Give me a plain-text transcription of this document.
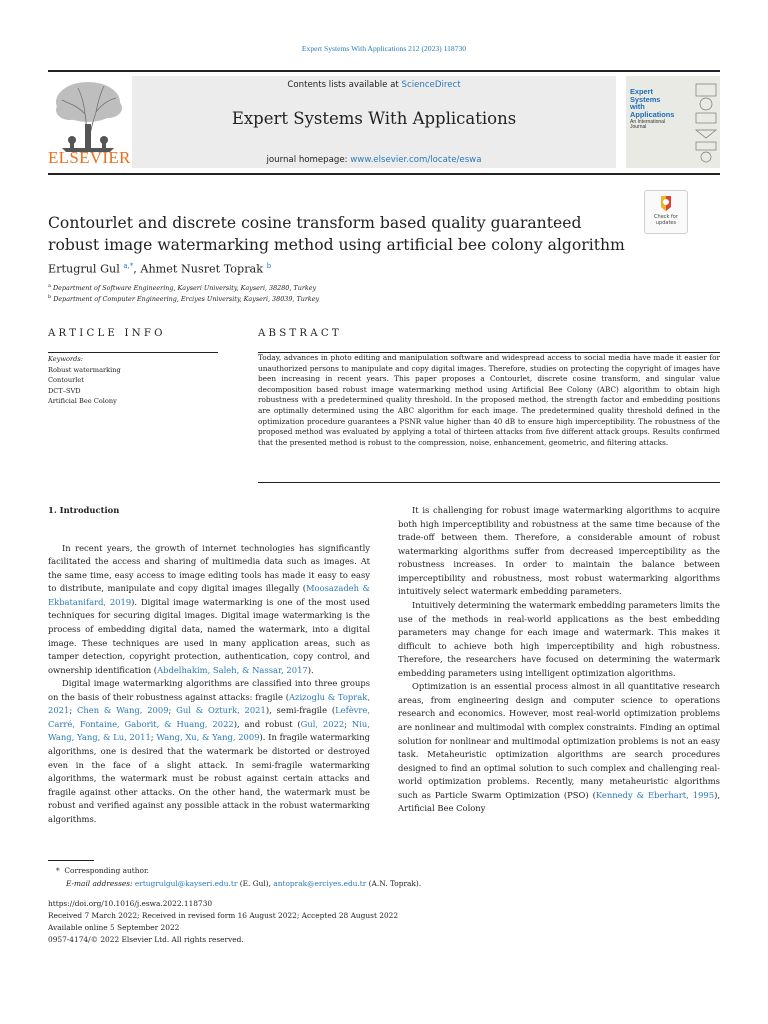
Expert Systems With Applications 212 (2023) 118730
ELSEVIER
Contents lists available at ScienceDirect
Expert Systems With Applications
journal homepage: www.elsevier.com/locate/eswa
Expert
Systems
with
Applications
An International
Journal
Contourlet and discrete cosine transform based quality guaranteed robust image watermarking method using artificial bee colony algorithm
Check for
updates
Ertugrul Gul $^{a,*}$, Ahmet Nusret Toprak $^b$
$^a$ Department of Software Engineering, Kayseri University, Kayseri, 38280, Turkey
$^b$ Department of Computer Engineering, Erciyes University, Kayseri, 38039, Turkey
ARTICLE INFO	ABSTRACT
Keywords:
Robust watermarking
Contourlet
DCT–SVD
Artificial Bee Colony
Today, advances in photo editing and manipulation software and widespread access to social media have made it easier for unauthorized persons to manipulate and copy digital images. Therefore, studies on protecting the copyright of images have been increasing in recent years. This paper proposes a Contourlet, discrete cosine transform, and singular value decomposition based robust image watermarking method using Artificial Bee Colony (ABC) algorithm to obtain high robustness with a predetermined quality threshold. In the proposed method, the strength factor and embedding positions are optimally determined using the ABC algorithm for each image. The predetermined quality threshold defined in the optimization procedure guarantees a PSNR value higher than 40 dB to ensure high imperceptibility. The robustness of the proposed method was evaluated by applying a total of thirteen attacks from five different attack groups. Results confirmed that the presented method is robust to the compression, noise, enhancement, geometric, and filtering attacks.
1. Introduction

In recent years, the growth of internet technologies has significantly facilitated the access and sharing of multimedia data such as images. At the same time, easy access to image editing tools has made it easy to easy to distribute, manipulate and copy digital images illegally (Moosazadeh & Ekbatanifard, 2019). Digital image watermarking is one of the most used techniques for securing digital images. Digital image watermarking is the process of embedding digital data, named the watermark, into a digital image. These techniques are used in many application areas, such as tamper detection, copyright protection, authentication, copy control, and ownership identification (Abdelhakim, Saleh, & Nassar, 2017).

Digital image watermarking algorithms are classified into three groups on the basis of their robustness against attacks: fragile (Azizoglu & Toprak, 2021; Chen & Wang, 2009; Gul & Ozturk, 2021), semi-fragile (Lefèvre, Carré, Fontaine, Gaborit, & Huang, 2022), and robust (Gul, 2022; Niu, Wang, Yang, & Lu, 2011; Wang, Xu, & Yang, 2009). In fragile watermarking algorithms, one is desired that the watermark be distorted or destroyed even in the face of a slight attack. In semi-fragile watermarking algorithms, the watermark must be robust against certain attacks and fragile against other attacks. On the other hand, the watermark must be robust and verified against any possible attack in the robust watermarking algorithms.

It is challenging for robust image watermarking algorithms to acquire both high imperceptibility and robustness at the same time because of the trade-off between them. Therefore, a considerable amount of robust watermarking algorithms suffer from decreased imperceptibility as the robustness increases. In order to maintain the balance between imperceptibility and robustness, most robust watermarking algorithms intuitively select watermark embedding parameters.

Intuitively determining the watermark embedding parameters limits the use of the methods in real-world applications as the best embedding parameters may change for each image and watermark. This makes it difficult to achieve both high imperceptibility and high robustness. Therefore, the researchers have focused on determining the watermark embedding parameters using intelligent optimization algorithms.

Optimization is an essential process almost in all quantitative research areas, from engineering design and computer science to operations research and economics. However, most real-world optimization problems are nonlinear and multimodal with complex constraints. Finding an optimal solution for nonlinear and multimodal optimization problems is not an easy task. Metaheuristic optimization algorithms are search procedures designed to find an optimal solution to such complex and challenging real-world optimization problems. Recently, many metaheuristic algorithms such as Particle Swarm Optimization (PSO) (Kennedy & Eberhart, 1995), Artificial Bee Colony

*  Corresponding author.
E-mail addresses: ertugrulgul@kayseri.edu.tr (E. Gul), antoprak@erciyes.edu.tr (A.N. Toprak).
https://doi.org/10.1016/j.eswa.2022.118730
Received 7 March 2022; Received in revised form 16 August 2022; Accepted 28 August 2022
Available online 5 September 2022
0957-4174/© 2022 Elsevier Ltd. All rights reserved.
